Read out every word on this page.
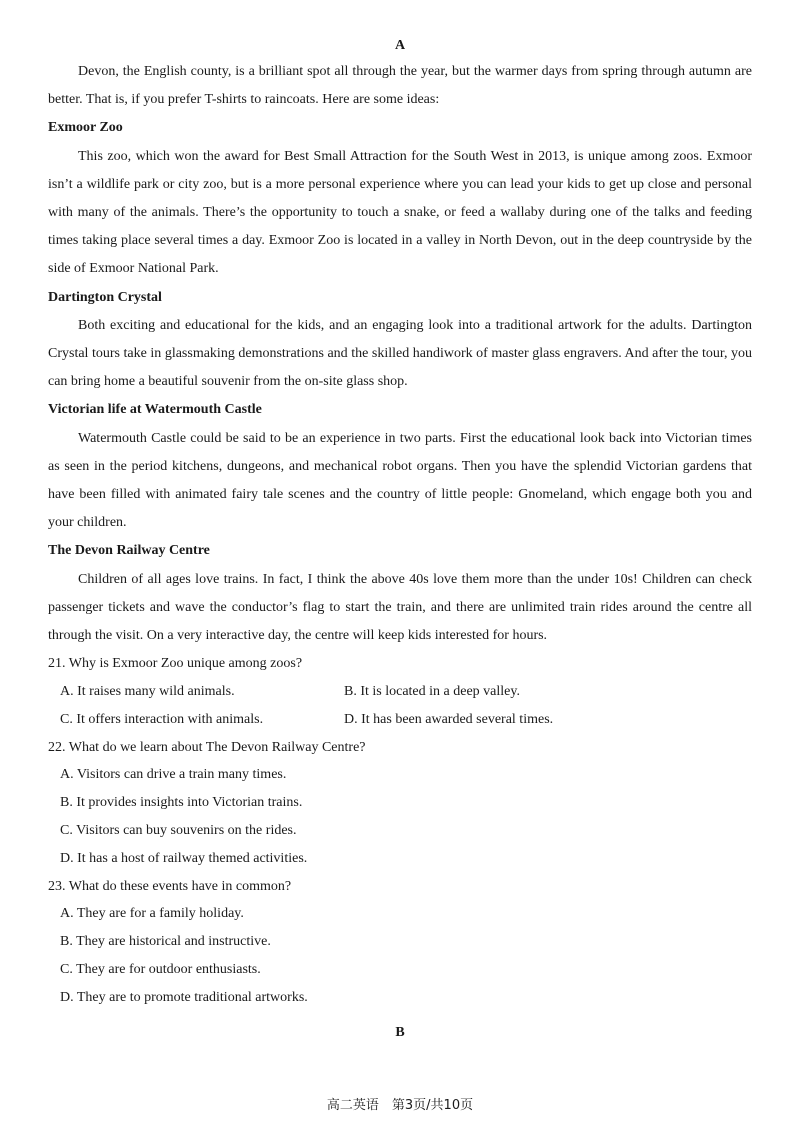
A

Devon, the English county, is a brilliant spot all through the year, but the warmer days from spring through autumn are better. That is, if you prefer T-shirts to raincoats. Here are some ideas:

Exmoor Zoo

This zoo, which won the award for Best Small Attraction for the South West in 2013, is unique among zoos. Exmoor isn’t a wildlife park or city zoo, but is a more personal experience where you can lead your kids to get up close and personal with many of the animals. There’s the opportunity to touch a snake, or feed a wallaby during one of the talks and feeding times taking place several times a day. Exmoor Zoo is located in a valley in North Devon, out in the deep countryside by the side of Exmoor National Park.

Dartington Crystal

Both exciting and educational for the kids, and an engaging look into a traditional artwork for the adults. Dartington Crystal tours take in glassmaking demonstrations and the skilled handiwork of master glass engravers. And after the tour, you can bring home a beautiful souvenir from the on-site glass shop.

Victorian life at Watermouth Castle

Watermouth Castle could be said to be an experience in two parts. First the educational look back into Victorian times as seen in the period kitchens, dungeons, and mechanical robot organs. Then you have the splendid Victorian gardens that have been filled with animated fairy tale scenes and the country of little people: Gnomeland, which engage both you and your children.

The Devon Railway Centre

Children of all ages love trains. In fact, I think the above 40s love them more than the under 10s! Children can check passenger tickets and wave the conductor’s flag to start the train, and there are unlimited train rides around the centre all through the visit. On a very interactive day, the centre will keep kids interested for hours.

21. Why is Exmoor Zoo unique among zoos?
A. It raises many wild animals.	B. It is located in a deep valley.
C. It offers interaction with animals.	D. It has been awarded several times.
22. What do we learn about The Devon Railway Centre?
A. Visitors can drive a train many times.
B. It provides insights into Victorian trains.
C. Visitors can buy souvenirs on the rides.
D. It has a host of railway themed activities.
23. What do these events have in common?
A. They are for a family holiday.
B. They are historical and instructive.
C. They are for outdoor enthusiasts.
D. They are to promote traditional artworks.
B
高二英语　第3页/共10页
